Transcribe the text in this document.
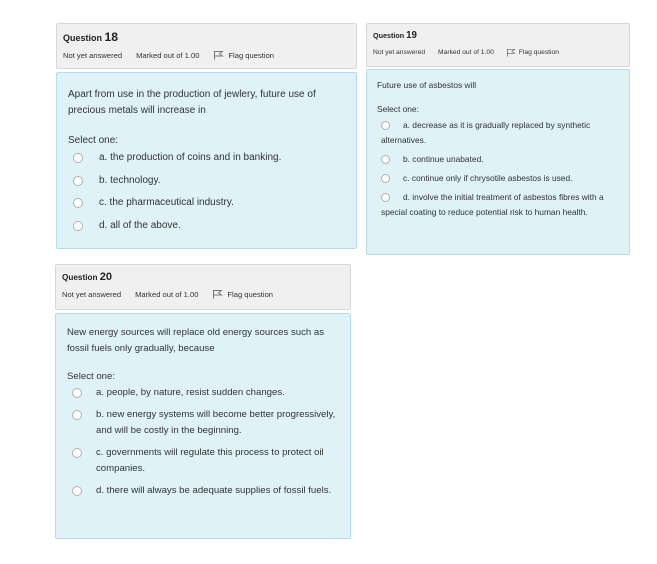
Question 18
Not yet answered Marked out of 1.00	Flag question
Apart from use in the production of jewlery, future use of precious metals will increase in
Select one:
a. the production of coins and in banking.
b. technology.
c. the pharmaceutical industry.
d. all of the above.
Question 19
Not yet answered Marked out of 1.00	Flag question
Future use of asbestos will
Select one:
a. decrease as it is gradually replaced by synthetic alternatives.
b. continue unabated.
c. continue only if chrysotile asbestos is used.
d. involve the initial treatment of asbestos fibres with a special coating to reduce potential risk to human health.
Question 20
Not yet answered Marked out of 1.00	Flag question
New energy sources will replace old energy sources such as fossil fuels only gradually, because
Select one:
a. people, by nature, resist sudden changes.
b. new energy systems will become better progressively, and will be costly in the beginning.
c. governments will regulate this process to protect oil companies.
d. there will always be adequate supplies of fossil fuels.
